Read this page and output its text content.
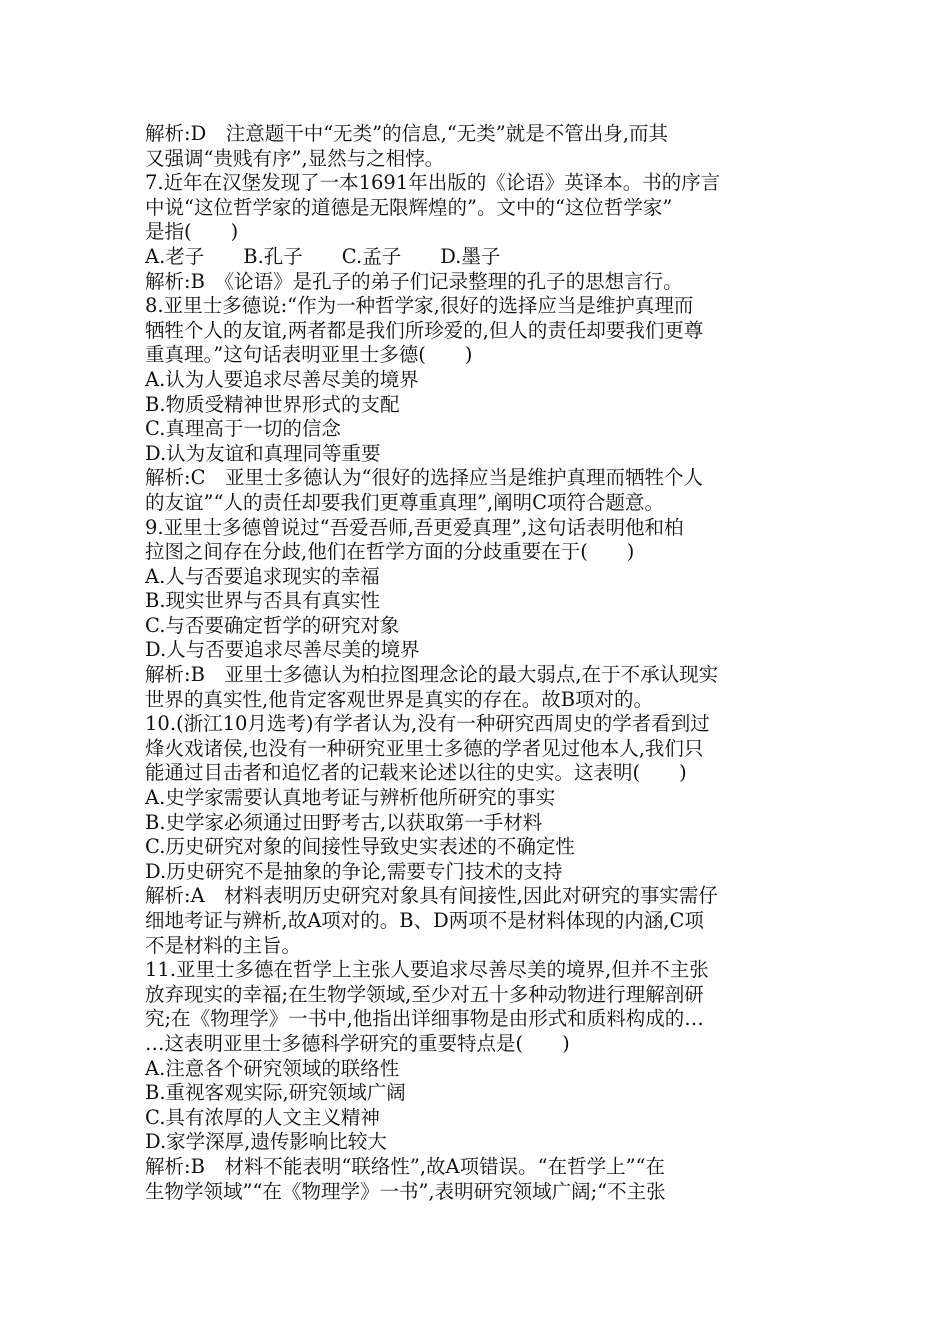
解析:D　注意题干中“无类”的信息,“无类”就是不管出身,而其
又强调“贵贱有序”,显然与之相悖。
7.近年在汉堡发现了一本1691年出版的《论语》英译本。书的序言
中说“这位哲学家的道德是无限辉煌的”。文中的“这位哲学家”
是指(　　)
A.老子　　B.孔子　　C.孟子　　D.墨子
解析:B　《论语》是孔子的弟子们记录整理的孔子的思想言行。
8.亚里士多德说:“作为一种哲学家,很好的选择应当是维护真理而
牺牲个人的友谊,两者都是我们所珍爱的,但人的责任却要我们更尊
重真理。”这句话表明亚里士多德(　　)
A.认为人要追求尽善尽美的境界
B.物质受精神世界形式的支配
C.真理高于一切的信念
D.认为友谊和真理同等重要
解析:C　亚里士多德认为“很好的选择应当是维护真理而牺牲个人
的友谊”“人的责任却要我们更尊重真理”,阐明C项符合题意。
9.亚里士多德曾说过“吾爱吾师,吾更爱真理”,这句话表明他和柏
拉图之间存在分歧,他们在哲学方面的分歧重要在于(　　)
A.人与否要追求现实的幸福
B.现实世界与否具有真实性
C.与否要确定哲学的研究对象
D.人与否要追求尽善尽美的境界
解析:B　亚里士多德认为柏拉图理念论的最大弱点,在于不承认现实
世界的真实性,他肯定客观世界是真实的存在。故B项对的。
10.(浙江10月选考)有学者认为,没有一种研究西周史的学者看到过
烽火戏诸侯,也没有一种研究亚里士多德的学者见过他本人,我们只
能通过目击者和追忆者的记载来论述以往的史实。这表明(　　)
A.史学家需要认真地考证与辨析他所研究的事实
B.史学家必须通过田野考古,以获取第一手材料
C.历史研究对象的间接性导致史实表述的不确定性
D.历史研究不是抽象的争论,需要专门技术的支持
解析:A　材料表明历史研究对象具有间接性,因此对研究的事实需仔
细地考证与辨析,故A项对的。B、D两项不是材料体现的内涵,C项
不是材料的主旨。
11.亚里士多德在哲学上主张人要追求尽善尽美的境界,但并不主张
放弃现实的幸福;在生物学领域,至少对五十多种动物进行理解剖研
究;在《物理学》一书中,他指出详细事物是由形式和质料构成的…
…这表明亚里士多德科学研究的重要特点是(　　)
A.注意各个研究领域的联络性
B.重视客观实际,研究领域广阔
C.具有浓厚的人文主义精神
D.家学深厚,遗传影响比较大
解析:B　材料不能表明“联络性”,故A项错误。“在哲学上”“在
生物学领域”“在《物理学》一书”,表明研究领域广阔;“不主张
